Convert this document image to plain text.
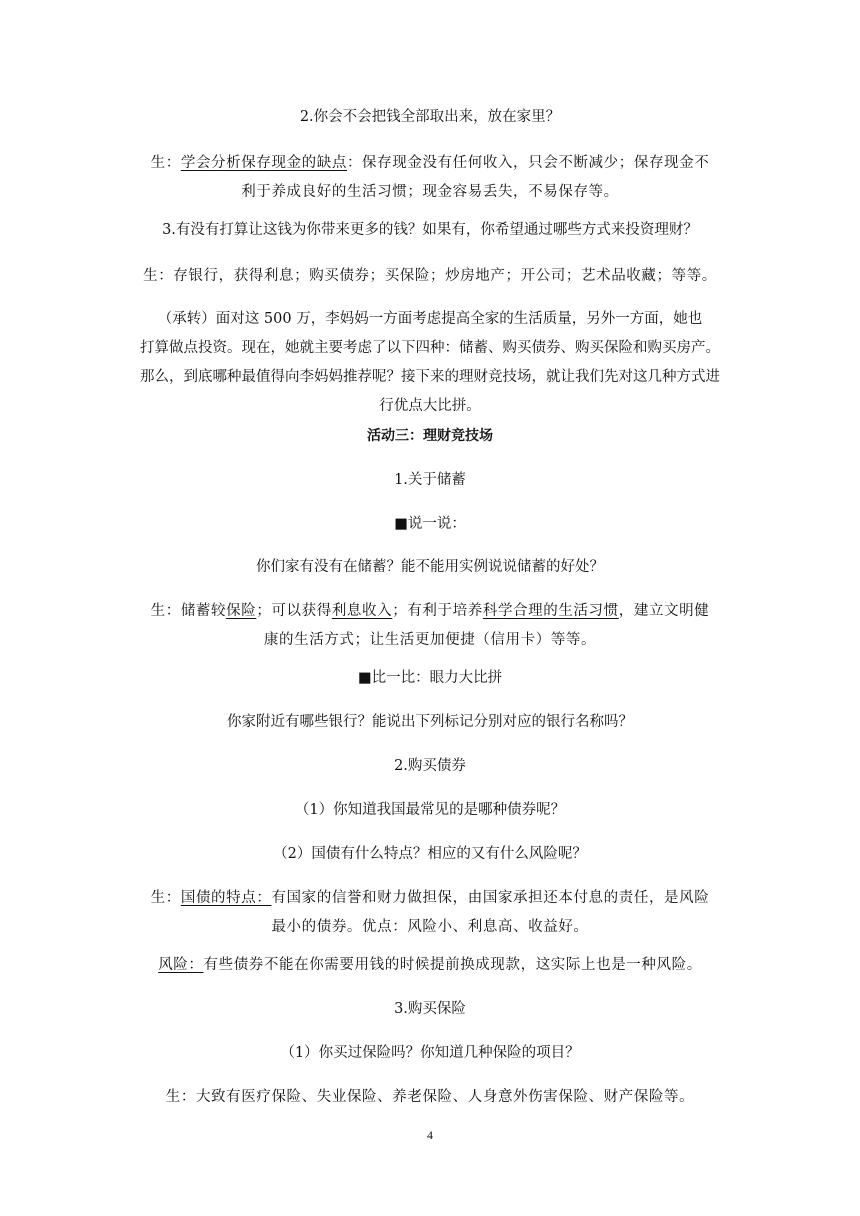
2.你会不会把钱全部取出来，放在家里？

生：学会分析保存现金的缺点：保存现金没有任何收入，只会不断减少；保存现金不
利于养成良好的生活习惯；现金容易丢失，不易保存等。

3.有没有打算让这钱为你带来更多的钱？如果有，你希望通过哪些方式来投资理财？

生：存银行，获得利息；购买债券；买保险；炒房地产；开公司；艺术品收藏；等等。

（承转）面对这 500 万，李妈妈一方面考虑提高全家的生活质量，另外一方面，她也
打算做点投资。现在，她就主要考虑了以下四种：储蓄、购买债券、购买保险和购买房产。
那么，到底哪种最值得向李妈妈推荐呢？接下来的理财竞技场，就让我们先对这几种方式进
行优点大比拼。

活动三：理财竞技场

1.关于储蓄

■说一说：

你们家有没有在储蓄？能不能用实例说说储蓄的好处？

生：储蓄较保险；可以获得利息收入；有利于培养科学合理的生活习惯，建立文明健
康的生活方式；让生活更加便捷（信用卡）等等。

■比一比：眼力大比拼

你家附近有哪些银行？能说出下列标记分别对应的银行名称吗？

2.购买债券

（1）你知道我国最常见的是哪种债券呢？

（2）国债有什么特点？相应的又有什么风险呢？

生：国债的特点：有国家的信誉和财力做担保，由国家承担还本付息的责任，是风险
最小的债券。优点：风险小、利息高、收益好。

风险：有些债券不能在你需要用钱的时候提前换成现款，这实际上也是一种风险。

3.购买保险

（1）你买过保险吗？你知道几种保险的项目？

生：大致有医疗保险、失业保险、养老保险、人身意外伤害保险、财产保险等。

4
